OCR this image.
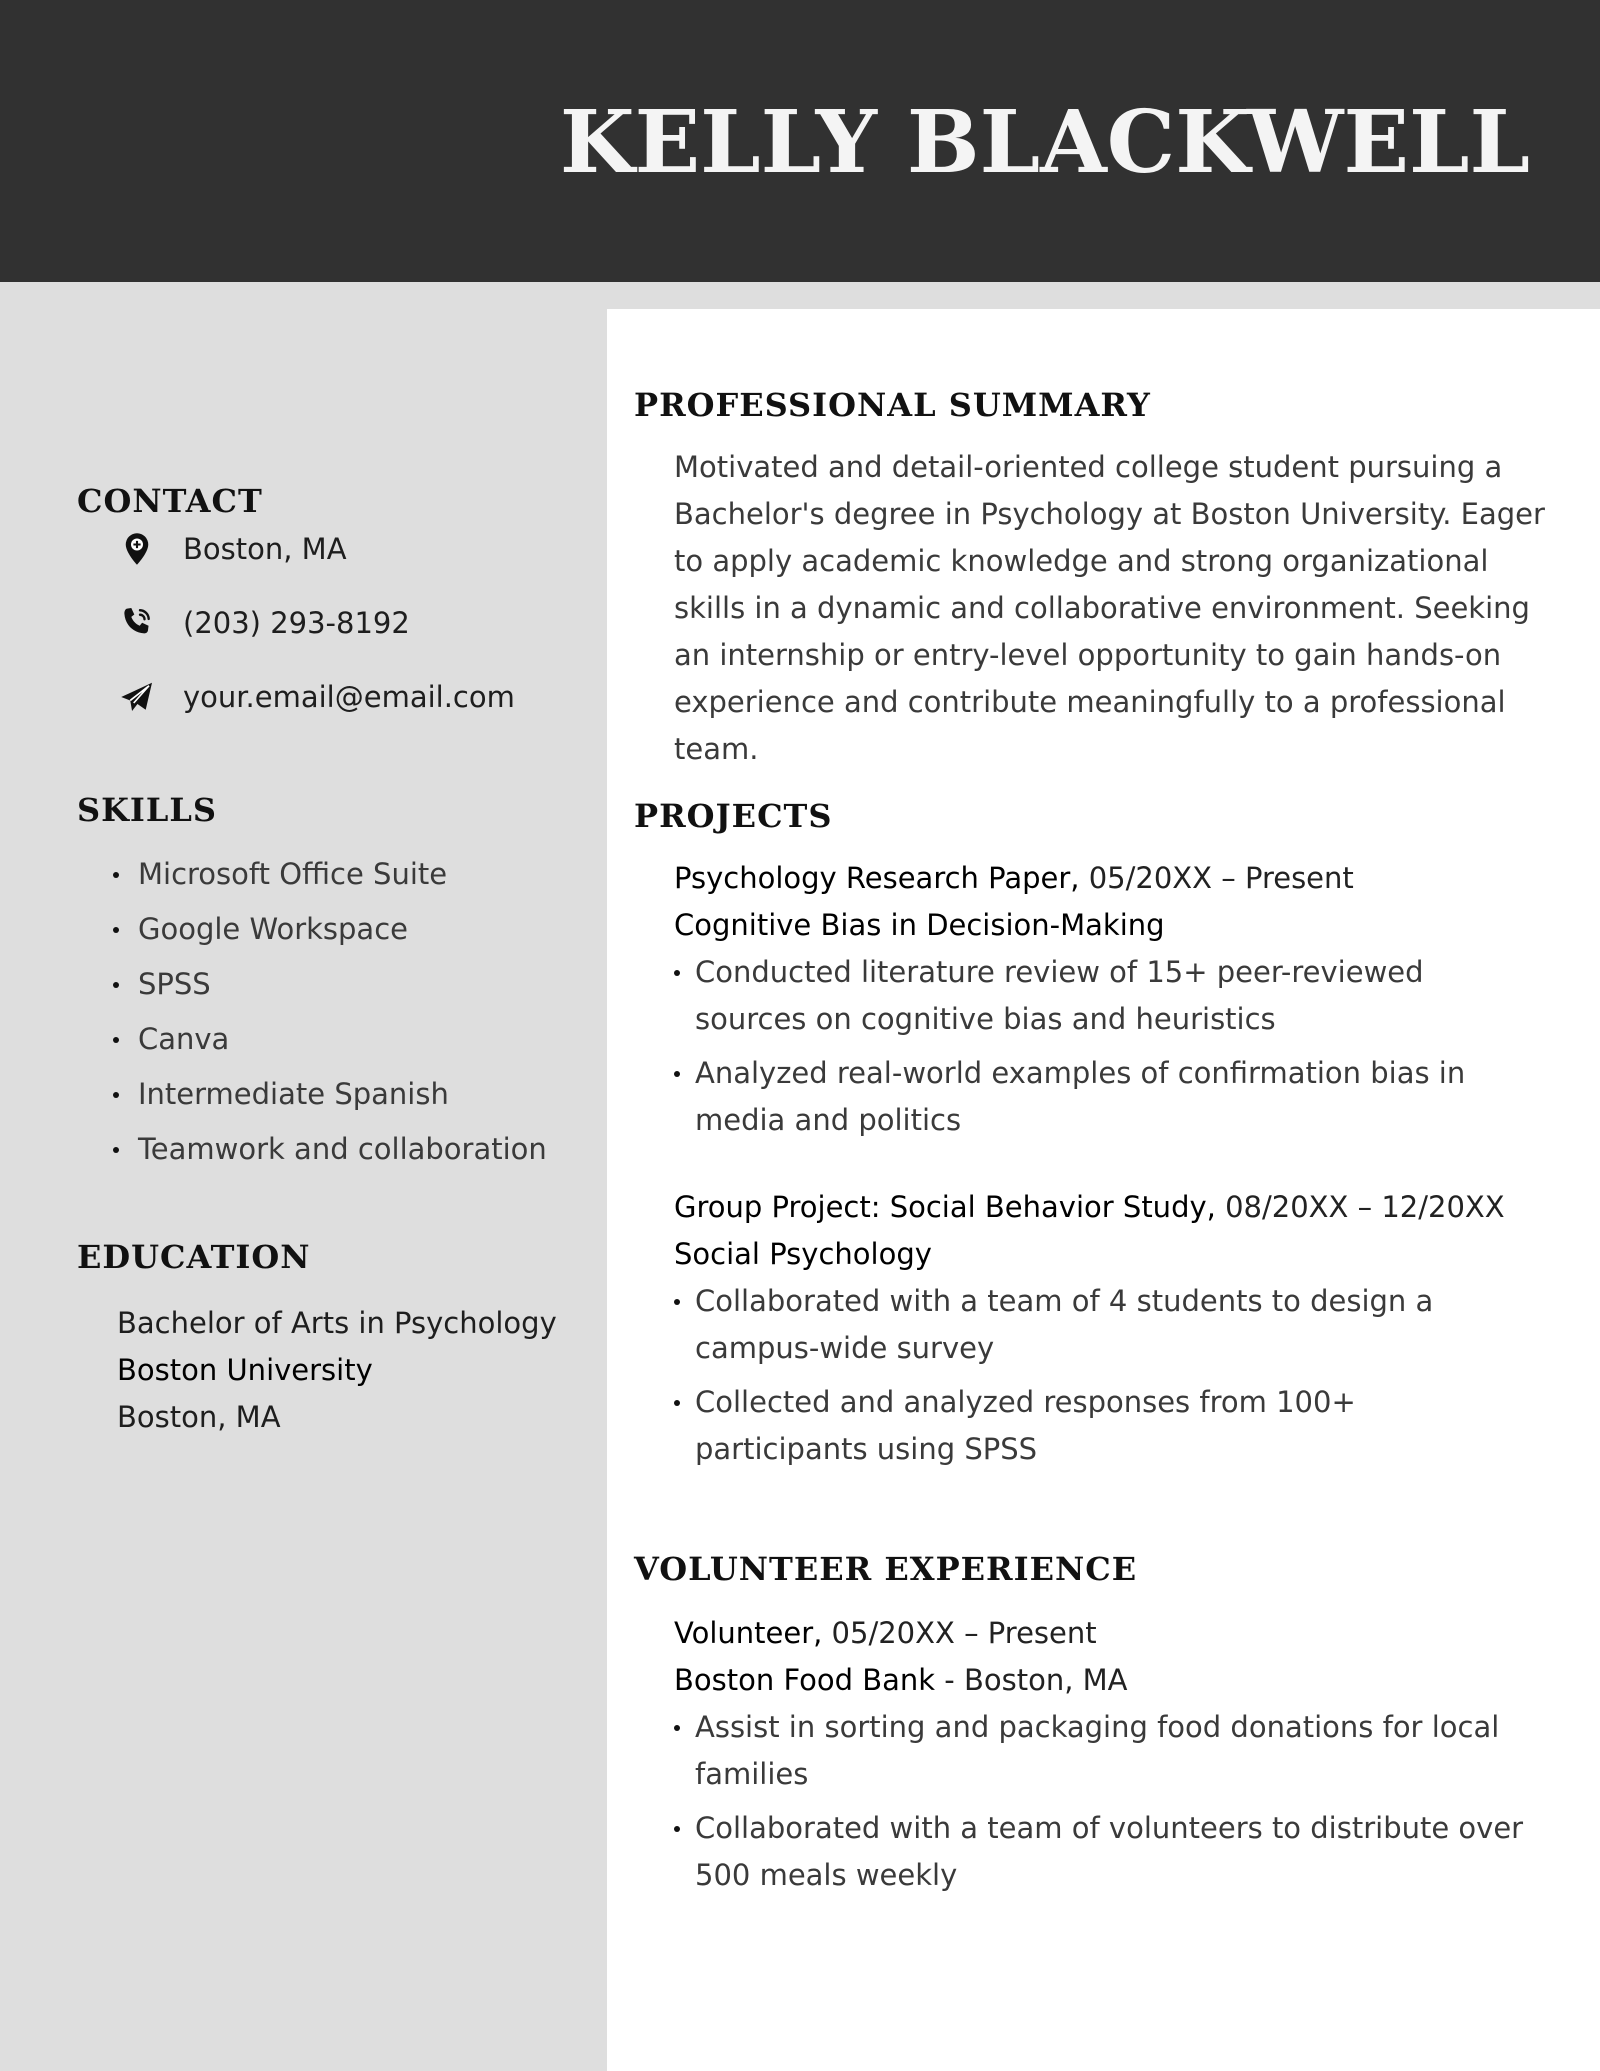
KELLY BLACKWELL
CONTACT
Boston, MA
(203) 293-8192
your.email@email.com
SKILLS
Microsoft Office Suite
Google Workspace
SPSS
Canva
Intermediate Spanish
Teamwork and collaboration
EDUCATION
Bachelor of Arts in Psychology
Boston University
Boston, MA
PROFESSIONAL SUMMARY
Motivated and detail-oriented college student pursuing a Bachelor's degree in Psychology at Boston University. Eager to apply academic knowledge and strong organizational skills in a dynamic and collaborative environment. Seeking an internship or entry-level opportunity to gain hands-on experience and contribute meaningfully to a professional team.
PROJECTS
Psychology Research Paper, 05/20XX – Present
Cognitive Bias in Decision-Making
Conducted literature review of 15+ peer-reviewed sources on cognitive bias and heuristics
Analyzed real-world examples of confirmation bias in media and politics
Group Project: Social Behavior Study, 08/20XX – 12/20XX
Social Psychology
Collaborated with a team of 4 students to design a campus-wide survey
Collected and analyzed responses from 100+ participants using SPSS
VOLUNTEER EXPERIENCE
Volunteer, 05/20XX – Present
Boston Food Bank - Boston, MA
Assist in sorting and packaging food donations for local families
Collaborated with a team of volunteers to distribute over 500 meals weekly
